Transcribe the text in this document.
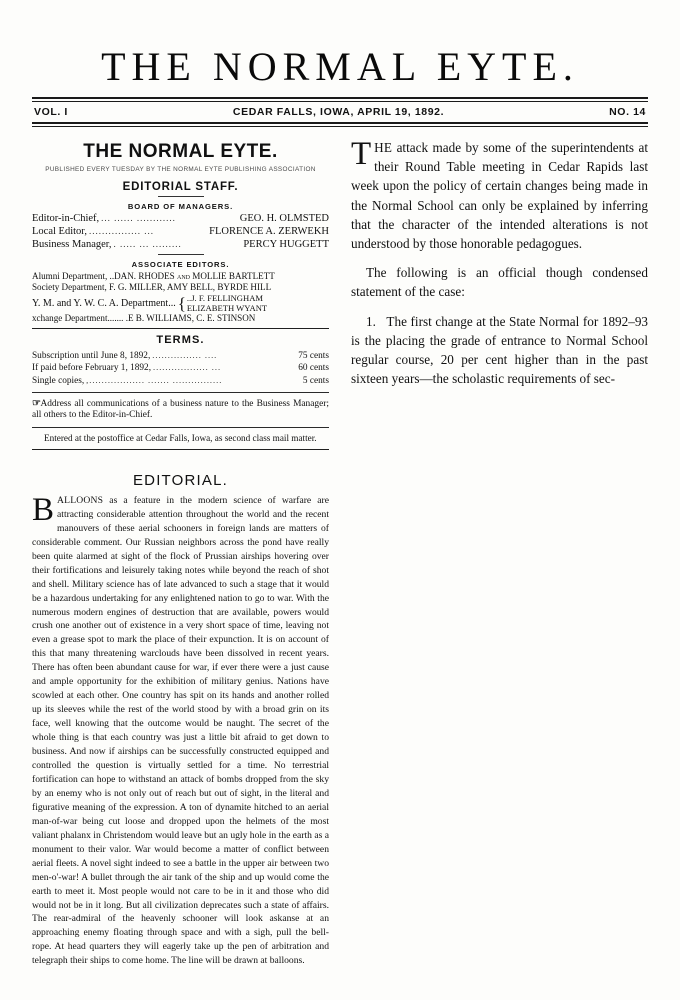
THE NORMAL EYTE.
VOL. I	CEDAR FALLS, IOWA, APRIL 19, 1892.	NO. 14
THE NORMAL EYTE.
PUBLISHED EVERY TUESDAY BY THE NORMAL EYTE PUBLISHING ASSOCIATION
EDITORIAL STAFF.
BOARD OF MANAGERS.
Editor-in-Chief, ... ...... ............	GEO. H. OLMSTED
Local Editor, ................ ...	FLORENCE A. ZERWEKH
Business Manager, . ..... ... .........	PERCY HUGGETT
ASSOCIATE EDITORS.
Alumni Department, ..DAN. RHODES and MOLLIE BARTLETT
Society Department, F. G. MILLER, AMY BELL, BYRDE HILL
Y. M. and Y. W. C. A. Department... { ..J. F. FELLINGHAM
ELIZABETH WYANT
xchange Department....... .E B. WILLIAMS, C. E. STINSON
TERMS.
Subscription until June 8, 1892, ................ ....	75 cents
If paid before February 1, 1892, .................. ...	60 cents
Single copies, ,.................. ....... ................	5 cents
☞Address all communications of a business nature to the Business Manager; all others to the Editor-in-Chief.
Entered at the postoffice at Cedar Falls, Iowa, as second class mail matter.
EDITORIAL.
BALLOONS as a feature in the modern science of warfare are attracting considerable attention throughout the world and the recent manouvers of these aerial schooners in foreign lands are matters of considerable comment. Our Russian neighbors across the pond have really been quite alarmed at sight of the flock of Prussian airships hovering over their fortifications and leisurely taking notes while beyond the reach of shot and shell. Military science has of late advanced to such a stage that it would be a hazardous undertaking for any enlightened nation to go to war. With the numerous modern engines of destruction that are available, powers would crush one another out of existence in a very short space of time, leaving not even a grease spot to mark the place of their expunction. It is on account of this that many threatening warclouds have been dissolved in recent years. There has often been abundant cause for war, if ever there were a just cause and ample opportunity for the exhibition of military genius. Nations have scowled at each other. One country has spit on its hands and another rolled up its sleeves while the rest of the world stood by with a broad grin on its face, well knowing that the outcome would be naught. The secret of the whole thing is that each country was just a little bit afraid to get down to business. And now if airships can be successfully constructed equipped and controlled the question is virtually settled for a time. No terrestrial fortification can hope to withstand an attack of bombs dropped from the sky by an enemy who is not only out of reach but out of sight, in the literal and figurative meaning of the expression. A ton of dynamite hitched to an aerial man-of-war being cut loose and dropped upon the helmets of the most valiant phalanx in Christendom would leave but an ugly hole in the earth as a monument to their valor. War would become a matter of conflict between aerial fleets. A novel sight indeed to see a battle in the upper air between two men-o'-war! A bullet through the air tank of the ship and up would come the earth to meet it. Most people would not care to be in it and those who did would not be in it long. But all civilization deprecates such a state of affairs. The rear-admiral of the heavenly schooner will look askanse at an approaching enemy floating through space and with a sigh, pull the bell-rope. At head quarters they will eagerly take up the pen of arbitration and telegraph their ships to come home. The line will be drawn at balloons.
THE attack made by some of the superintendents at their Round Table meeting in Cedar Rapids last week upon the policy of certain changes being made in the Normal School can only be explained by inferring that the character of the intended alterations is not understood by those honorable pedagogues.

The following is an official though condensed statement of the case:

1. The first change at the State Normal for 1892–93 is the placing the grade of entrance to Normal School regular course, 20 per cent higher than in the past sixteen years—the scholastic requirements of sec-
